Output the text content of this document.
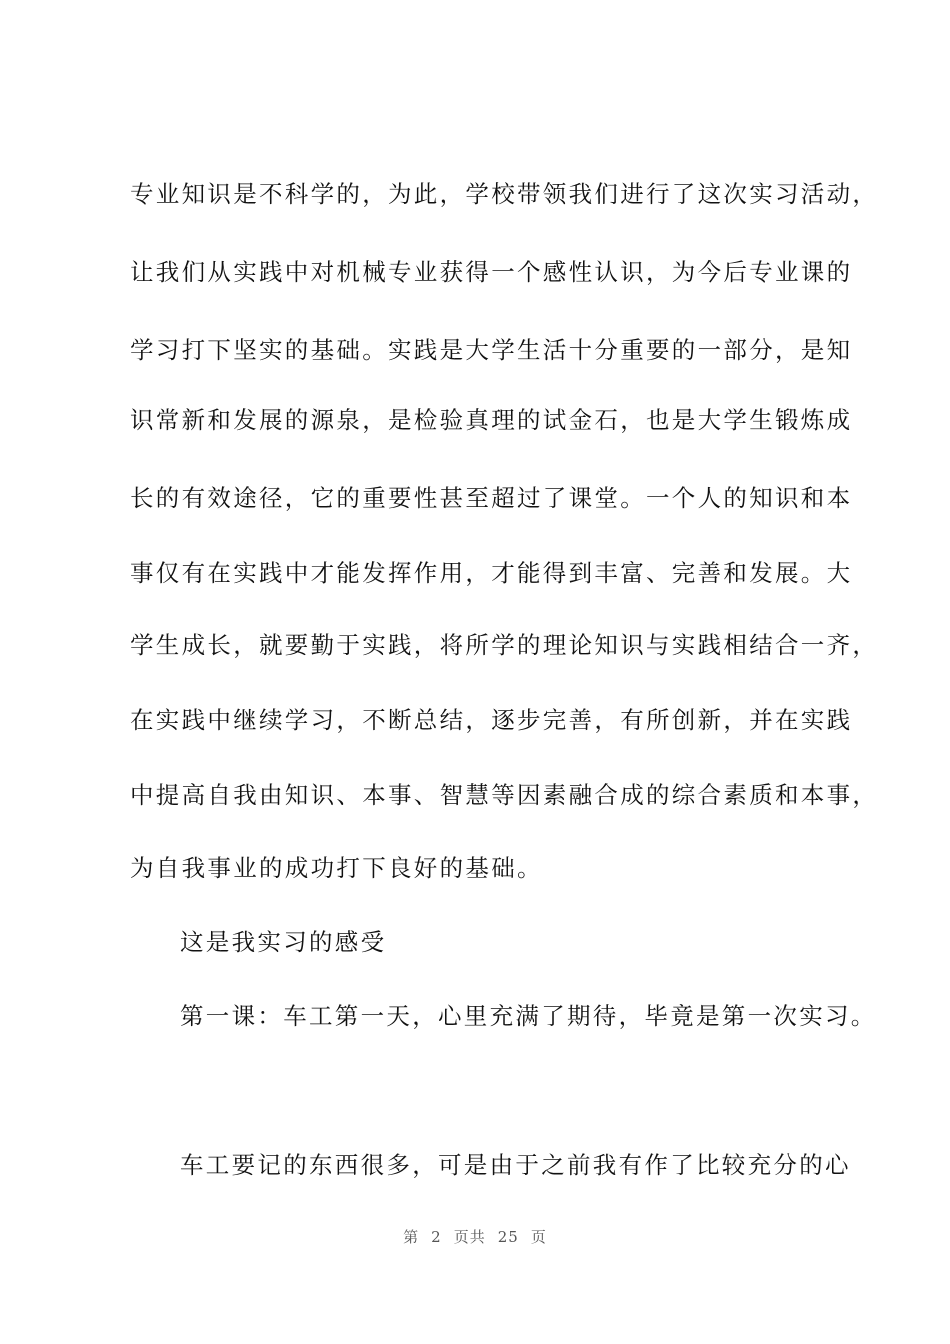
专业知识是不科学的，为此，学校带领我们进行了这次实习活动，
让我们从实践中对机械专业获得一个感性认识，为今后专业课的
学习打下坚实的基础。实践是大学生活十分重要的一部分，是知
识常新和发展的源泉，是检验真理的试金石，也是大学生锻炼成
长的有效途径，它的重要性甚至超过了课堂。一个人的知识和本
事仅有在实践中才能发挥作用，才能得到丰富、完善和发展。大
学生成长，就要勤于实践，将所学的理论知识与实践相结合一齐，
在实践中继续学习，不断总结，逐步完善，有所创新，并在实践
中提高自我由知识、本事、智慧等因素融合成的综合素质和本事，
为自我事业的成功打下良好的基础。
这是我实习的感受
第一课：车工第一天，心里充满了期待，毕竟是第一次实习。
车工要记的东西很多，可是由于之前我有作了比较充分的心
第 2 页共 25 页
